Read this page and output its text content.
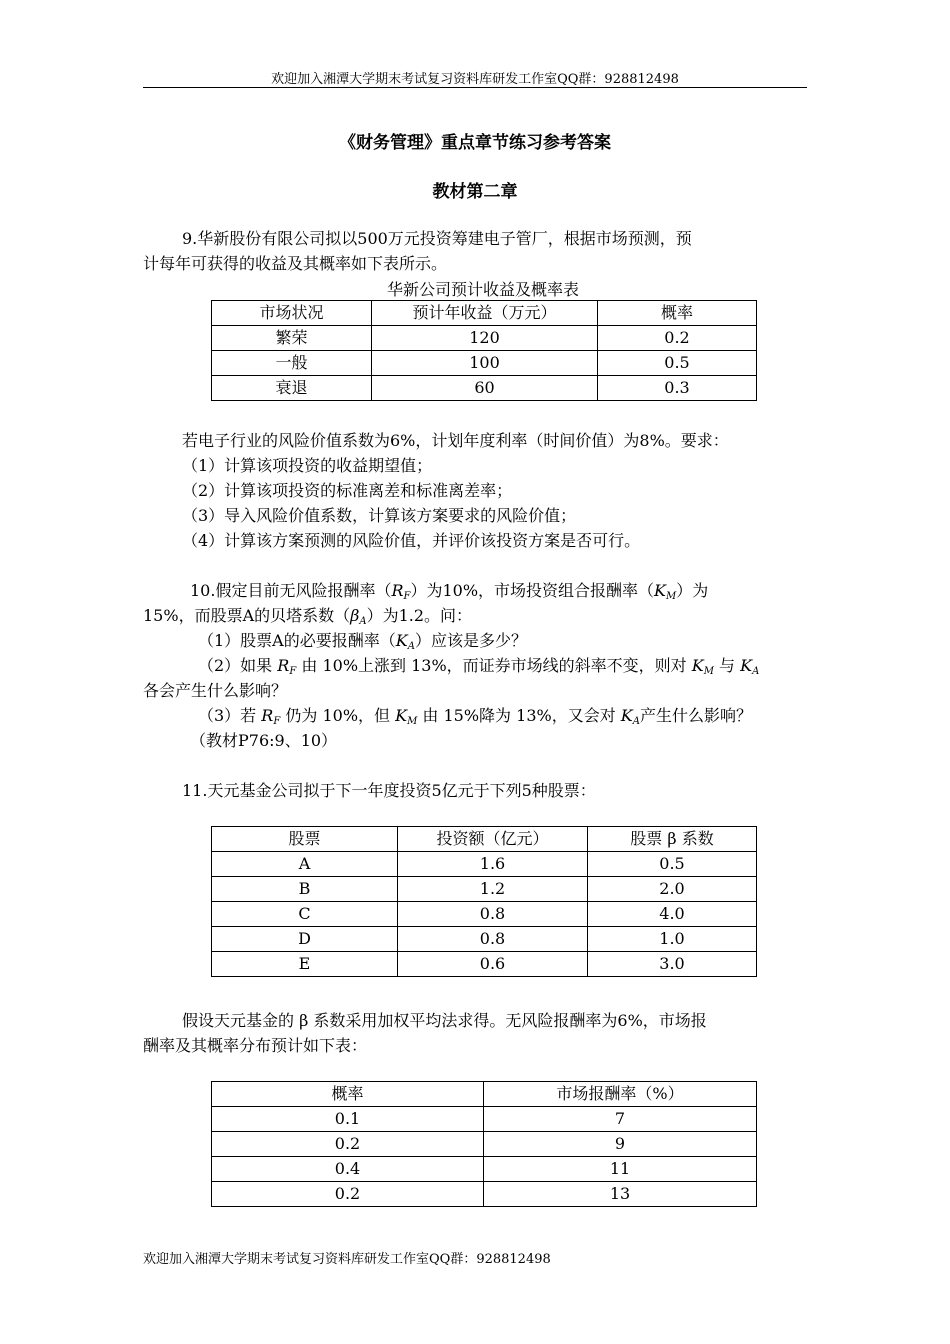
欢迎加入湘潭大学期末考试复习资料库研发工作室QQ群：928812498
《财务管理》重点章节练习参考答案
教材第二章
9.华新股份有限公司拟以500万元投资筹建电子管厂，根据市场预测，预
计每年可获得的收益及其概率如下表所示。
华新公司预计收益及概率表
市场状况	预计年收益（万元）	概率
繁荣	120	0.2
一般	100	0.5
衰退	60	0.3
若电子行业的风险价值系数为6%，计划年度利率（时间价值）为8%。要求：
（1）计算该项投资的收益期望值；
（2）计算该项投资的标准离差和标准离差率；
（3）导入风险价值系数，计算该方案要求的风险价值；
（4）计算该方案预测的风险价值，并评价该投资方案是否可行。
10.假定目前无风险报酬率$(R_F)$为10%，市场投资组合报酬率$(K_M)$为
15%，而股票A的贝塔系数$(\beta_A)$为1.2。问：
（1）股票A的必要报酬率$(K_A)$应该是多少？
（2）如果 $R_F$ 由 10%上涨到 13%，而证券市场线的斜率不变，则对 $K_M$ 与 $K_A$
各会产生什么影响？
（3）若 $R_F$ 仍为 10%，但 $K_M$ 由 15%降为 13%，又会对 $K_A$产生什么影响？
（教材P76:9、10）
11.天元基金公司拟于下一年度投资5亿元于下列5种股票：
股票	投资额（亿元）	股票 β 系数
A	1.6	0.5
B	1.2	2.0
C	0.8	4.0
D	0.8	1.0
E	0.6	3.0
假设天元基金的 β 系数采用加权平均法求得。无风险报酬率为6%，市场报
酬率及其概率分布预计如下表：
概率	市场报酬率（%）
0.1	7
0.2	9
0.4	11
0.2	13
欢迎加入湘潭大学期末考试复习资料库研发工作室QQ群：928812498
